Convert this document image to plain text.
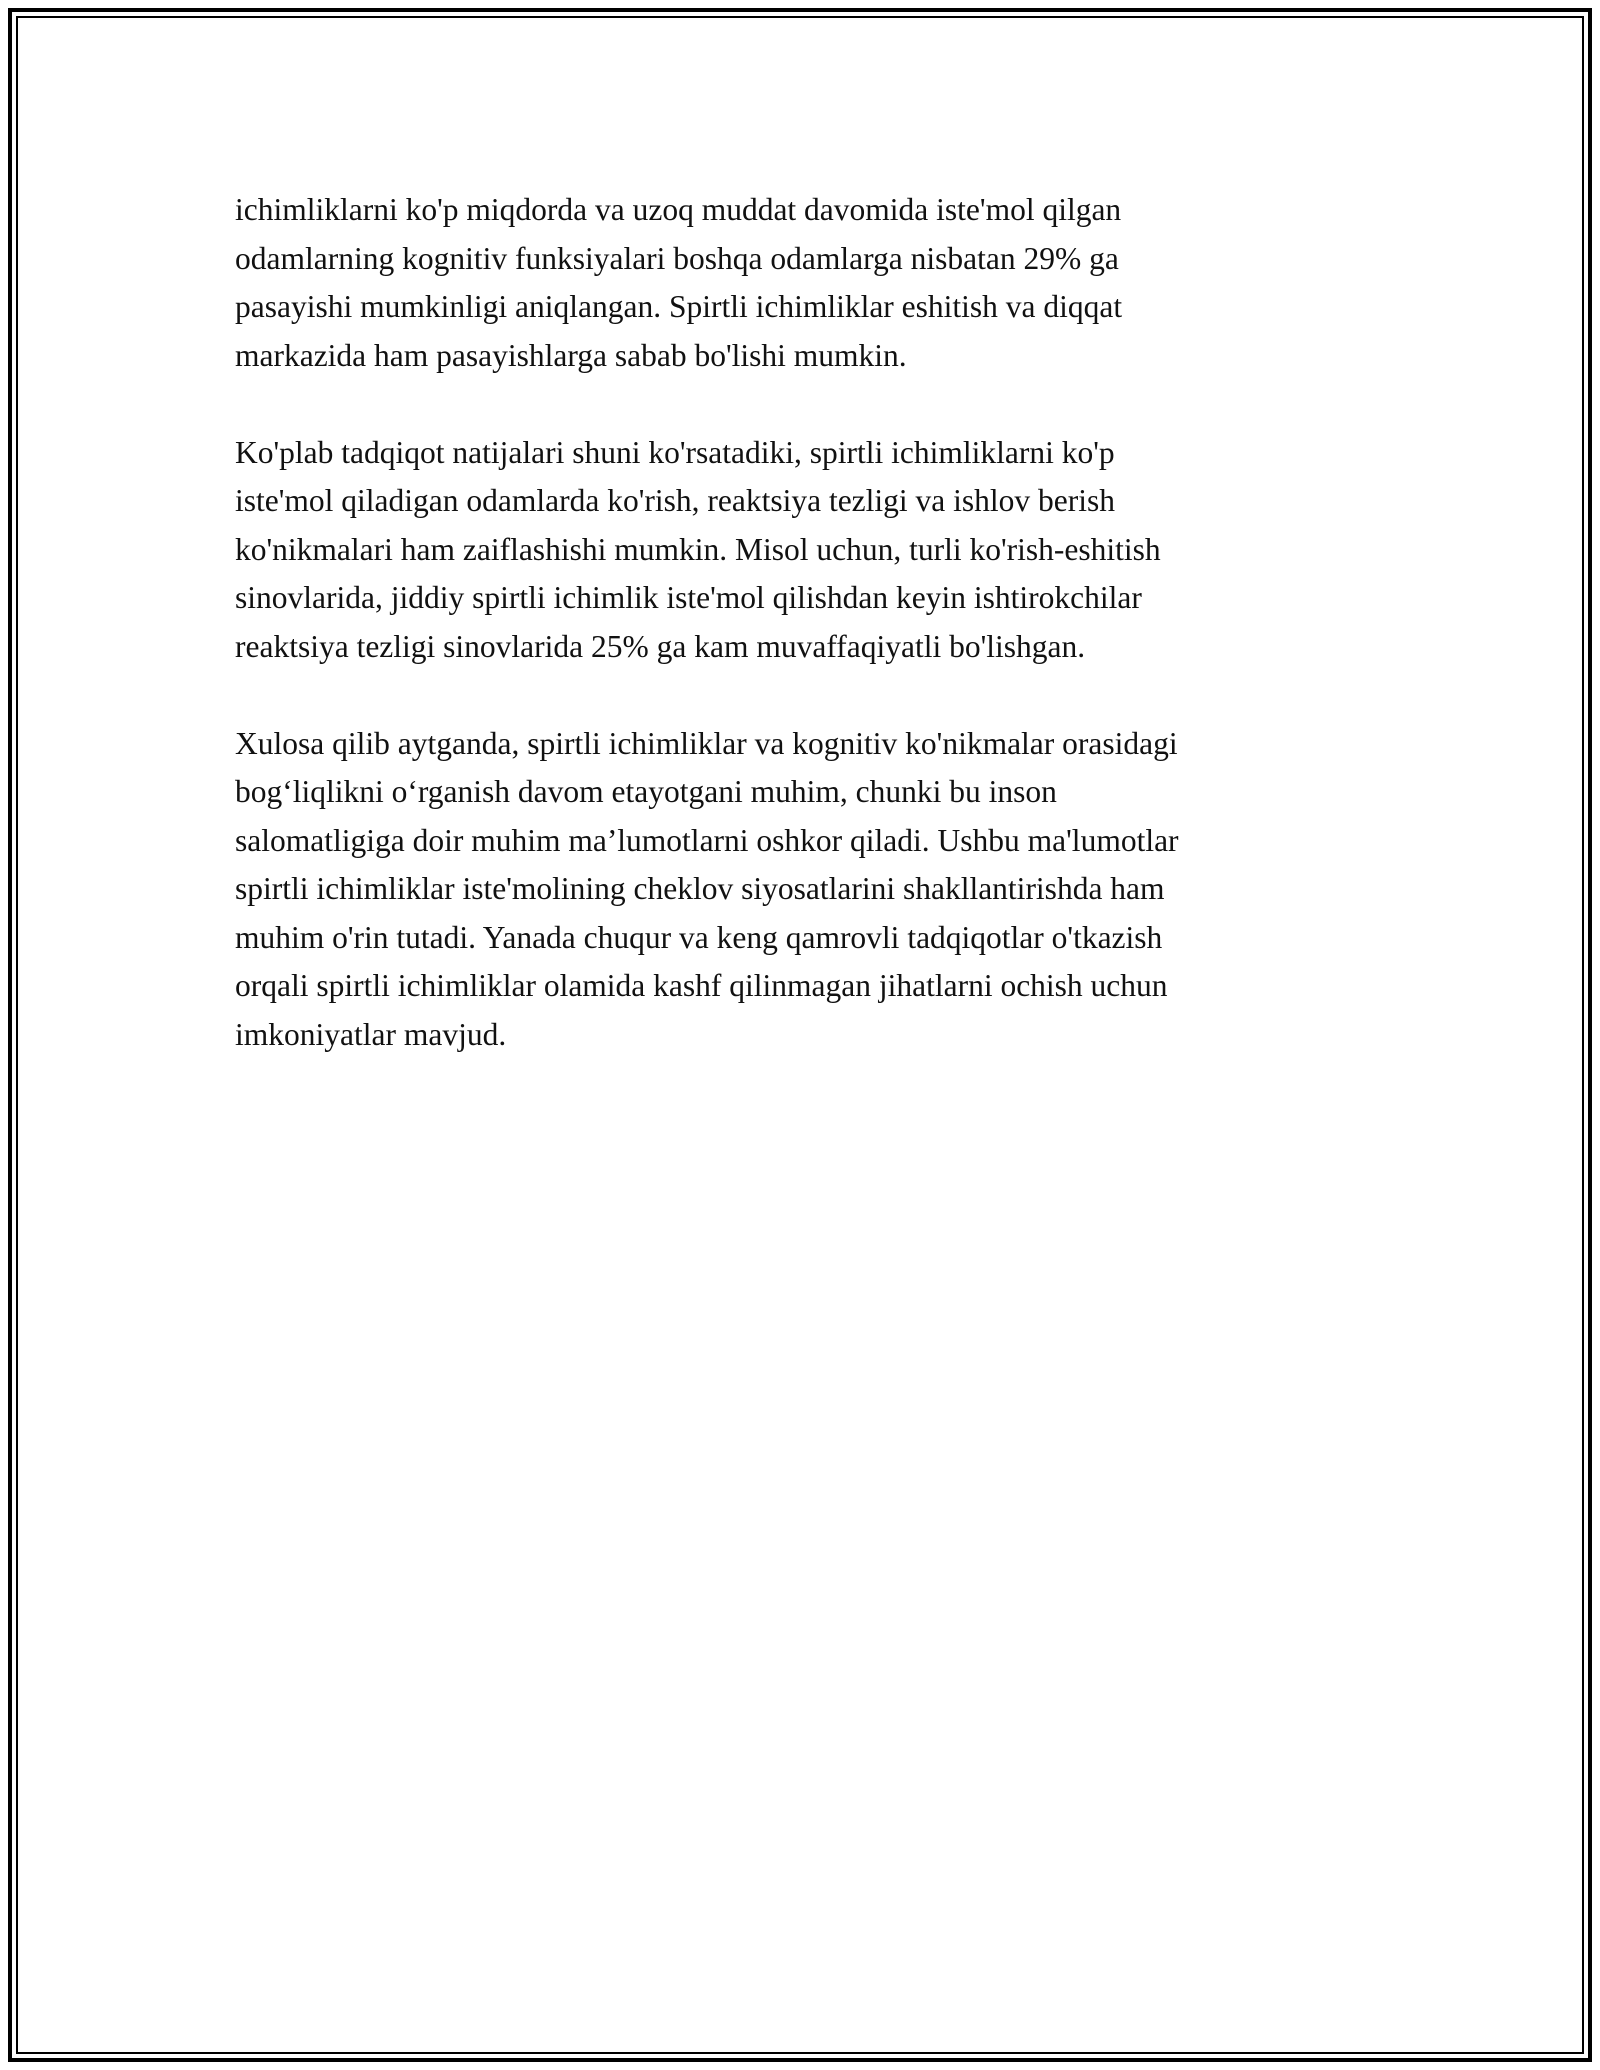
ichimliklarni ko'p miqdorda va uzoq muddat davomida iste'mol qilgan
odamlarning kognitiv funksiyalari boshqa odamlarga nisbatan 29% ga
pasayishi mumkinligi aniqlangan. Spirtli ichimliklar eshitish va diqqat
markazida ham pasayishlarga sabab bo'lishi mumkin.

Ko'plab tadqiqot natijalari shuni ko'rsatadiki, spirtli ichimliklarni ko'p
iste'mol qiladigan odamlarda ko'rish, reaktsiya tezligi va ishlov berish
ko'nikmalari ham zaiflashishi mumkin. Misol uchun, turli ko'rish-eshitish
sinovlarida, jiddiy spirtli ichimlik iste'mol qilishdan keyin ishtirokchilar
reaktsiya tezligi sinovlarida 25% ga kam muvaffaqiyatli bo'lishgan.

Xulosa qilib aytganda, spirtli ichimliklar va kognitiv ko'nikmalar orasidagi
bog‘liqlikni o‘rganish davom etayotgani muhim, chunki bu inson
salomatligiga doir muhim ma’lumotlarni oshkor qiladi. Ushbu ma'lumotlar
spirtli ichimliklar iste'molining cheklov siyosatlarini shakllantirishda ham
muhim o'rin tutadi. Yanada chuqur va keng qamrovli tadqiqotlar o'tkazish
orqali spirtli ichimliklar olamida kashf qilinmagan jihatlarni ochish uchun
imkoniyatlar mavjud.
